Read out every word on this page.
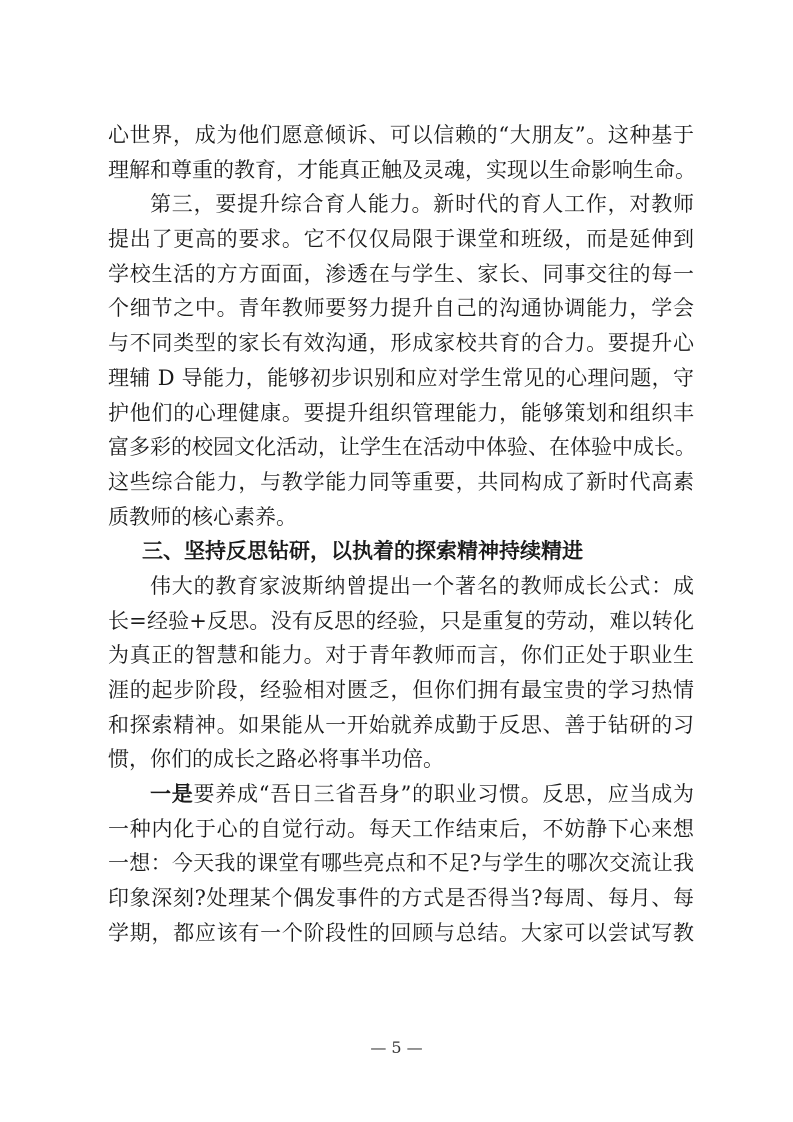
心世界，成为他们愿意倾诉、可以信赖的“大朋友”。这种基于
理解和尊重的教育，才能真正触及灵魂，实现以生命影响生命。
第三，要提升综合育人能力。新时代的育人工作，对教师
提出了更高的要求。它不仅仅局限于课堂和班级，而是延伸到
学校生活的方方面面，渗透在与学生、家长、同事交往的每一
个细节之中。青年教师要努力提升自己的沟通协调能力，学会
与不同类型的家长有效沟通，形成家校共育的合力。要提升心
理辅 D 导能力，能够初步识别和应对学生常见的心理问题，守
护他们的心理健康。要提升组织管理能力，能够策划和组织丰
富多彩的校园文化活动，让学生在活动中体验、在体验中成长。
这些综合能力，与教学能力同等重要，共同构成了新时代高素
质教师的核心素养。
三、坚持反思钻研，以执着的探索精神持续精进
伟大的教育家波斯纳曾提出一个著名的教师成长公式：成
长=经验+反思。没有反思的经验，只是重复的劳动，难以转化
为真正的智慧和能力。对于青年教师而言，你们正处于职业生
涯的起步阶段，经验相对匮乏，但你们拥有最宝贵的学习热情
和探索精神。如果能从一开始就养成勤于反思、善于钻研的习
惯，你们的成长之路必将事半功倍。
一是要养成“吾日三省吾身”的职业习惯。反思，应当成为
一种内化于心的自觉行动。每天工作结束后，不妨静下心来想
一想：今天我的课堂有哪些亮点和不足?与学生的哪次交流让我
印象深刻?处理某个偶发事件的方式是否得当?每周、每月、每
学期，都应该有一个阶段性的回顾与总结。大家可以尝试写教
— 5 —
